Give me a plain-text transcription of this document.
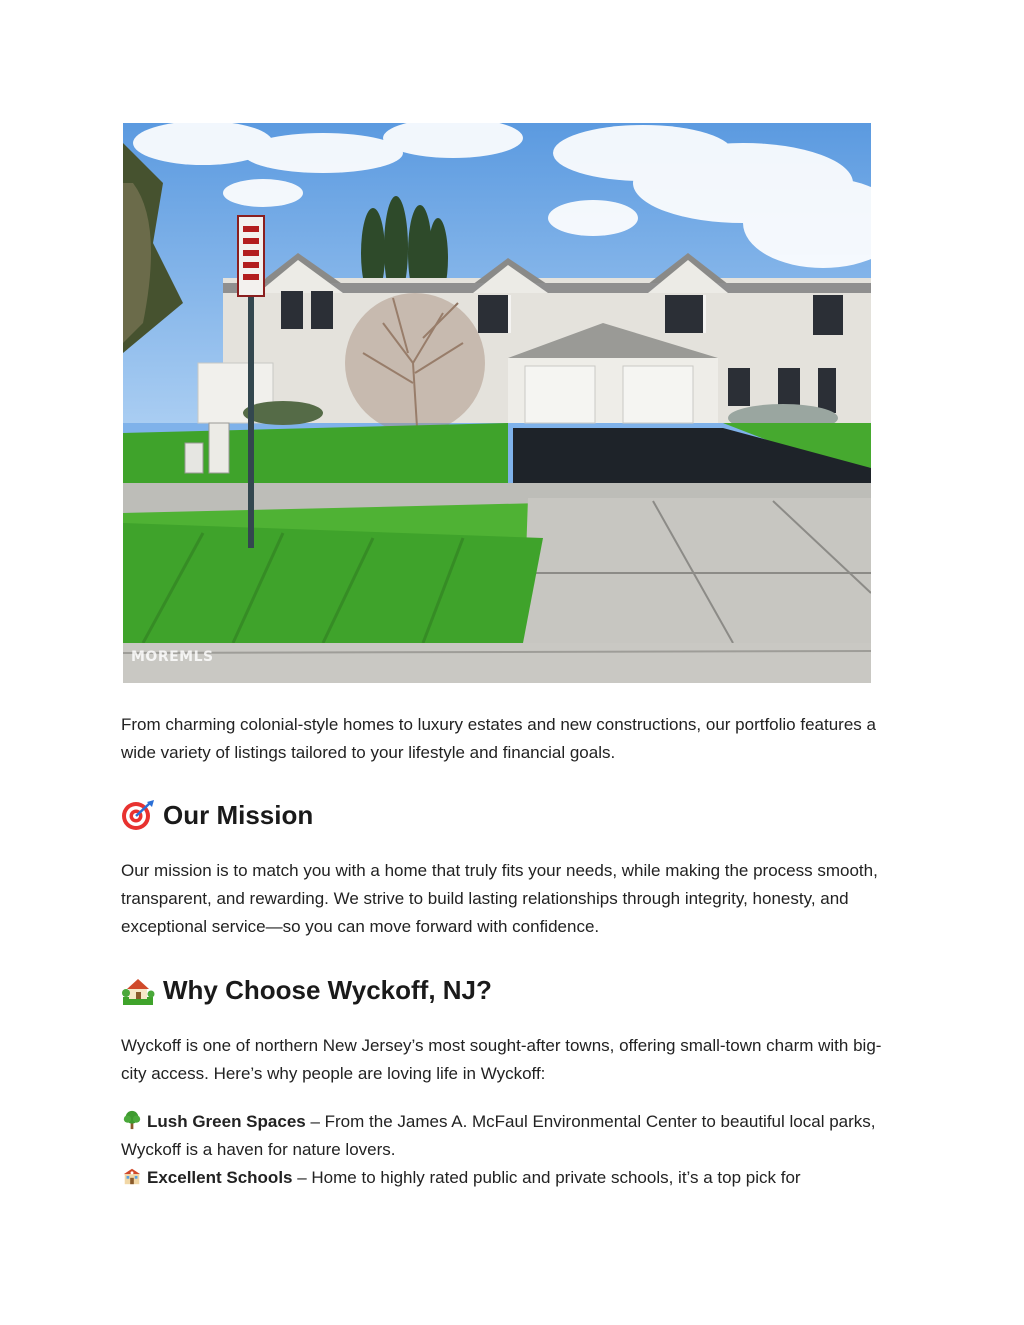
MOREMLS

From charming colonial-style homes to luxury estates and new constructions, our portfolio features a wide variety of listings tailored to your lifestyle and financial goals.

Our Mission

Our mission is to match you with a home that truly fits your needs, while making the process smooth, transparent, and rewarding. We strive to build lasting relationships through integrity, honesty, and exceptional service—so you can move forward with confidence.

Why Choose Wyckoff, NJ?

Wyckoff is one of northern New Jersey’s most sought-after towns, offering small-town charm with big-city access. Here’s why people are loving life in Wyckoff:

Lush Green Spaces – From the James A. McFaul Environmental Center to beautiful local parks, Wyckoff is a haven for nature lovers.
Excellent Schools – Home to highly rated public and private schools, it’s a top pick for
